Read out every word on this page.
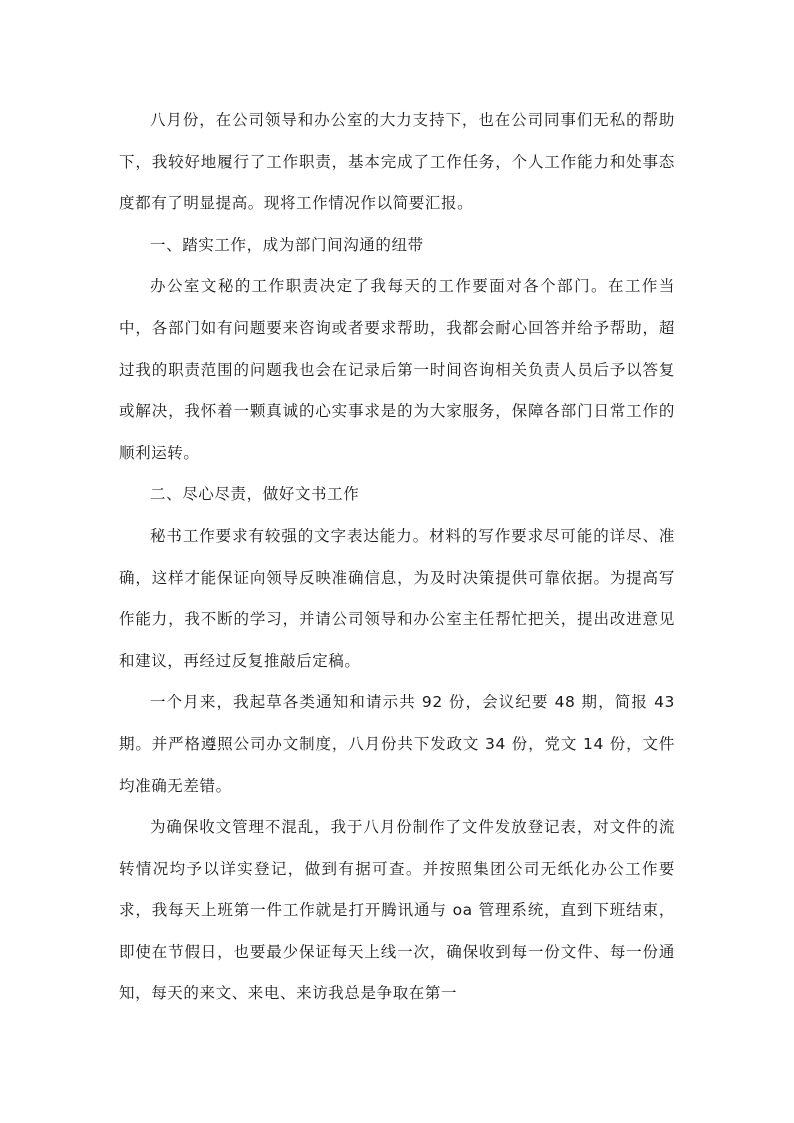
八月份，在公司领导和办公室的大力支持下，也在公司同事们无私的帮助下，我较好地履行了工作职责，基本完成了工作任务，个人工作能力和处事态度都有了明显提高。现将工作情况作以简要汇报。

一、踏实工作，成为部门间沟通的纽带

办公室文秘的工作职责决定了我每天的工作要面对各个部门。在工作当中，各部门如有问题要来咨询或者要求帮助，我都会耐心回答并给予帮助，超过我的职责范围的问题我也会在记录后第一时间咨询相关负责人员后予以答复或解决，我怀着一颗真诚的心实事求是的为大家服务，保障各部门日常工作的顺利运转。

二、尽心尽责，做好文书工作

秘书工作要求有较强的文字表达能力。材料的写作要求尽可能的详尽、准确，这样才能保证向领导反映准确信息，为及时决策提供可靠依据。为提高写作能力，我不断的学习，并请公司领导和办公室主任帮忙把关，提出改进意见和建议，再经过反复推敲后定稿。

一个月来，我起草各类通知和请示共 92 份，会议纪要 48 期，简报 43 期。并严格遵照公司办文制度，八月份共下发政文 34 份，党文 14 份，文件均准确无差错。

为确保收文管理不混乱，我于八月份制作了文件发放登记表，对文件的流转情况均予以详实登记，做到有据可查。并按照集团公司无纸化办公工作要求，我每天上班第一件工作就是打开腾讯通与 oa 管理系统，直到下班结束，即使在节假日，也要最少保证每天上线一次，确保收到每一份文件、每一份通知，每天的来文、来电、来访我总是争取在第一
